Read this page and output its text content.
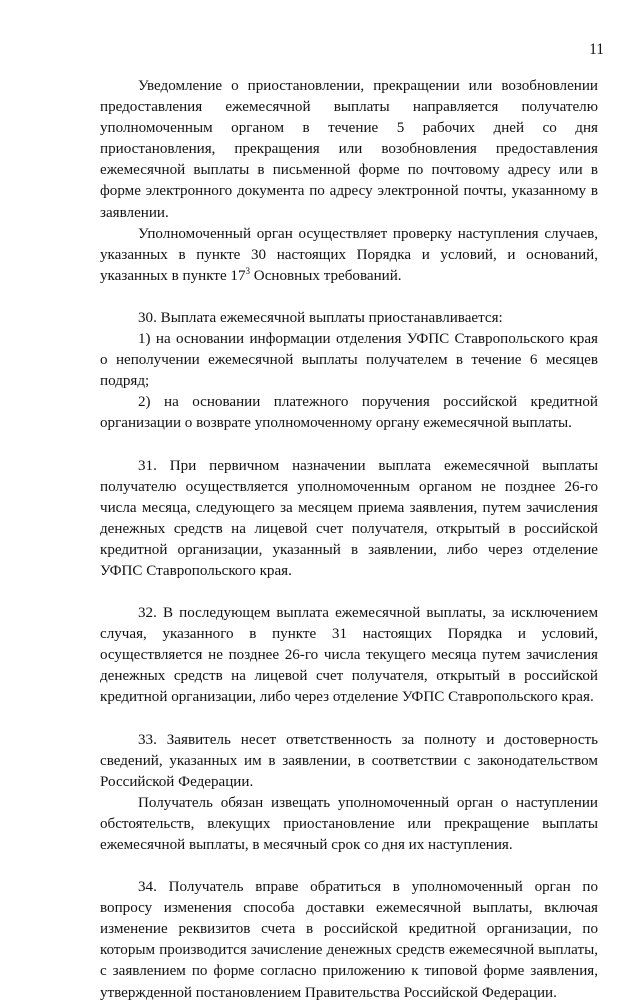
11

Уведомление о приостановлении, прекращении или возобновлении предоставления ежемесячной выплаты направляется получателю уполномоченным органом в течение 5 рабочих дней со дня приостановления, прекращения или возобновления предоставления ежемесячной выплаты в письменной форме по почтовому адресу или в форме электронного документа по адресу электронной почты, указанному в заявлении.

Уполномоченный орган осуществляет проверку наступления случаев, указанных в пункте 30 настоящих Порядка и условий, и оснований, указанных в пункте $17^3$ Основных требований.

30. Выплата ежемесячной выплаты приостанавливается:

1) на основании информации отделения УФПС Ставропольского края о неполучении ежемесячной выплаты получателем в течение 6 месяцев подряд;

2) на основании платежного поручения российской кредитной организации о возврате уполномоченному органу ежемесячной выплаты.

31. При первичном назначении выплата ежемесячной выплаты получателю осуществляется уполномоченным органом не позднее 26-го числа месяца, следующего за месяцем приема заявления, путем зачисления денежных средств на лицевой счет получателя, открытый в российской кредитной организации, указанный в заявлении, либо через отделение УФПС Ставропольского края.

32. В последующем выплата ежемесячной выплаты, за исключением случая, указанного в пункте 31 настоящих Порядка и условий, осуществляется не позднее 26-го числа текущего месяца путем зачисления денежных средств на лицевой счет получателя, открытый в российской кредитной организации, либо через отделение УФПС Ставропольского края.

33. Заявитель несет ответственность за полноту и достоверность сведений, указанных им в заявлении, в соответствии с законодательством Российской Федерации.

Получатель обязан извещать уполномоченный орган о наступлении обстоятельств, влекущих приостановление или прекращение выплаты ежемесячной выплаты, в месячный срок со дня их наступления.

34. Получатель вправе обратиться в уполномоченный орган по вопросу изменения способа доставки ежемесячной выплаты, включая изменение реквизитов счета в российской кредитной организации, по которым производится зачисление денежных средств ежемесячной выплаты, с заявлением по форме согласно приложению к типовой форме заявления, утвержденной постановлением Правительства Российской Федерации.
